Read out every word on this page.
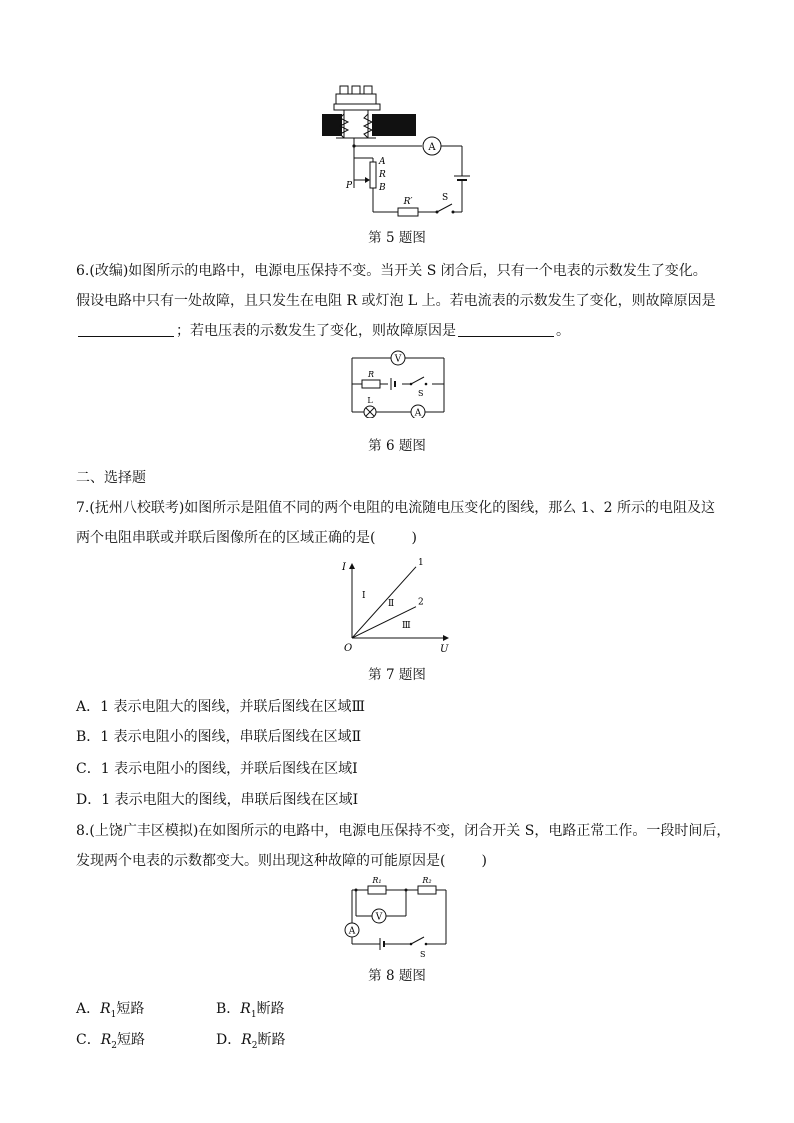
A
A
R
B
P
R′	S
第 5 题图
6.(改编)如图所示的电路中，电源电压保持不变。当开关 S 闭合后，只有一个电表的示数发生了变化。
假设电路中只有一处故障，且只发生在电阻 R 或灯泡 L 上。若电流表的示数发生了变化，则故障原因是
；若电压表的示数发生了变化，则故障原因是	。
V
R
S
L
A
第 6 题图
二、选择题
7.(抚州八校联考)如图所示是阻值不同的两个电阻的电流随电压变化的图线，那么 1、2 所示的电阻及这
两个电阻串联或并联后图像所在的区域正确的是(	)
I
U
O
1
2
Ⅰ
Ⅱ
Ⅲ
第 7 题图
A．1 表示电阻大的图线，并联后图线在区域Ⅲ
B．1 表示电阻小的图线，串联后图线在区域Ⅱ
C．1 表示电阻小的图线，并联后图线在区域Ⅰ
D．1 表示电阻大的图线，串联后图线在区域Ⅰ
8.(上饶广丰区模拟)在如图所示的电路中，电源电压保持不变，闭合开关 S，电路正常工作。一段时间后，
发现两个电表的示数都变大。则出现这种故障的可能原因是(	)
R₁	R₂
V
A
S
第 8 题图
A．$R_1$短路	B．$R_1$断路
C．$R_2$短路	D．$R_2$断路
